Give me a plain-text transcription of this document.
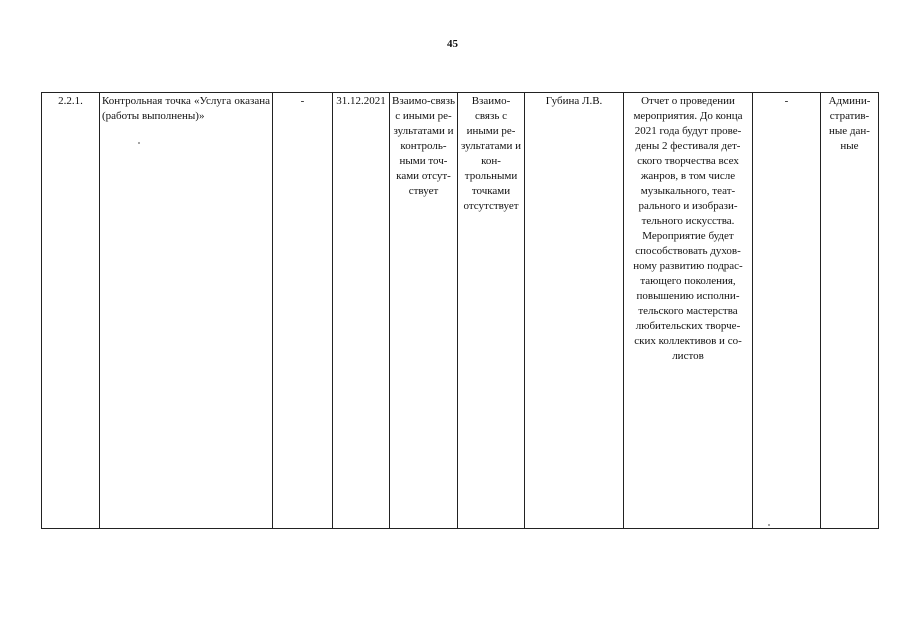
45
2.2.1.	Контрольная точка «Услуга оказана (работы выполнены)»	-	31.12.2021	Взаимо-связь с иными ре-зультатами и контроль-ными точ-ками отсут-ствует	Взаимо-связь с иными ре-зультатами и кон-трольными точками отсутствует	Губина Л.В.	Отчет о проведении мероприятия. До конца 2021 года будут прове-дены 2 фестиваля дет-ского творчества всех жанров, в том числе музыкального, теат-рального и изобрази-тельного искусства. Мероприятие будет способствовать духов-ному развитию подрас-тающего поколения, повышению исполни-тельского мастерства любительских творче-ских коллективов и со-листов	-	Админи-стратив-ные дан-ные
